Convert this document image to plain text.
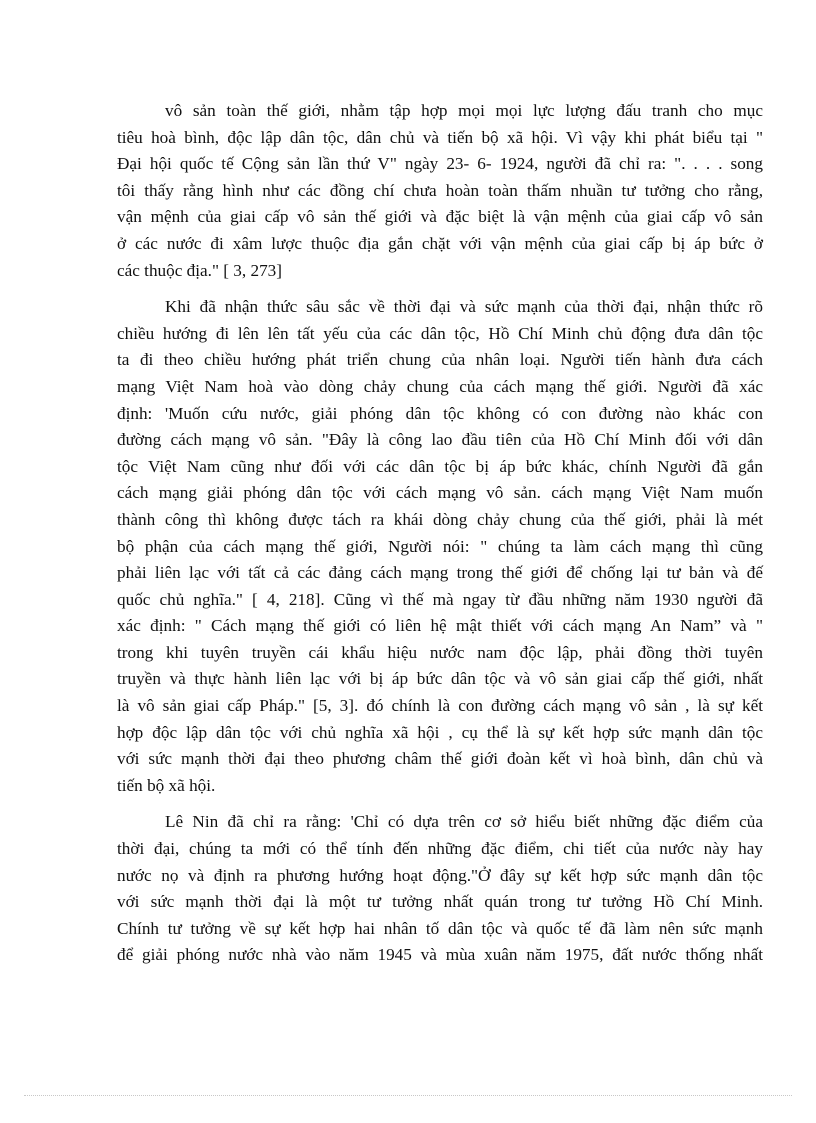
vô sản toàn thế giới, nhằm tập hợp mọi mọi lực lượng đấu tranh cho mục
tiêu hoà bình, độc lập dân tộc, dân chủ và tiến bộ xã hội. Vì vậy khi phát biểu tại "
Đại hội quốc tế Cộng sản lần thứ V" ngày 23- 6- 1924, người đã chỉ ra: ". . . . song
tôi thấy rằng hình như các đồng chí chưa hoàn toàn thấm nhuần tư tưởng cho rằng,
vận mệnh của giai cấp vô sản thế giới và đặc biệt là vận mệnh của giai cấp vô sản
ở các nước đi xâm lược thuộc địa gắn chặt với vận mệnh của giai cấp bị áp bức ở
các thuộc địa." [ 3, 273]
Khi đã nhận thức sâu sắc về thời đại và sức mạnh của thời đại, nhận thức rõ
chiều hướng đi lên lên tất yếu của các dân tộc, Hồ Chí Minh chủ động đưa dân tộc
ta đi theo chiều hướng phát triển chung của nhân loại. Người tiến hành đưa cách
mạng Việt Nam hoà vào dòng chảy chung của cách mạng thế giới. Người đã xác
định: 'Muốn cứu nước, giải phóng dân tộc không có con đường nào khác con
đường cách mạng vô sản. "Đây là công lao đầu tiên của Hồ Chí Minh đối với dân
tộc Việt Nam cũng như đối với các dân tộc bị áp bức khác, chính Người đã gắn
cách mạng giải phóng dân tộc với cách mạng vô sản. cách mạng Việt Nam muốn
thành công thì không được tách ra khái dòng chảy chung của thế giới, phải là mét
bộ phận của cách mạng thế giới, Người nói: " chúng ta làm cách mạng thì cũng
phải liên lạc với tất cả các đảng cách mạng trong thế giới để chống lại tư bản và đế
quốc chủ nghĩa." [ 4, 218]. Cũng vì thế mà ngay từ đầu những năm 1930 người đã
xác định: " Cách mạng thế giới có liên hệ mật thiết với cách mạng An Nam” và "
trong khi tuyên truyền cái khẩu hiệu nước nam độc lập, phải đồng thời tuyên
truyền và thực hành liên lạc với bị áp bức dân tộc và vô sản giai cấp thế giới, nhất
là vô sản giai cấp Pháp." [5, 3]. đó chính là con đường cách mạng vô sản , là sự kết
hợp độc lập dân tộc với chủ nghĩa xã hội , cụ thể là sự kết hợp sức mạnh dân tộc
với sức mạnh thời đại theo phương châm thế giới đoàn kết vì hoà bình, dân chủ và
tiến bộ xã hội.
Lê Nin đã chỉ ra rằng: 'Chỉ có dựa trên cơ sở hiểu biết những đặc điểm của
thời đại, chúng ta mới có thể tính đến những đặc điểm, chi tiết của nước này hay
nước nọ và định ra phương hướng hoạt động."Ở đây sự kết hợp sức mạnh dân tộc
với sức mạnh thời đại là một tư tưởng nhất quán trong tư tưởng Hồ Chí Minh.
Chính tư tưởng về sự kết hợp hai nhân tố dân tộc và quốc tế đã làm nên sức mạnh
để giải phóng nước nhà vào năm 1945 và mùa xuân năm 1975, đất nước thống nhất
